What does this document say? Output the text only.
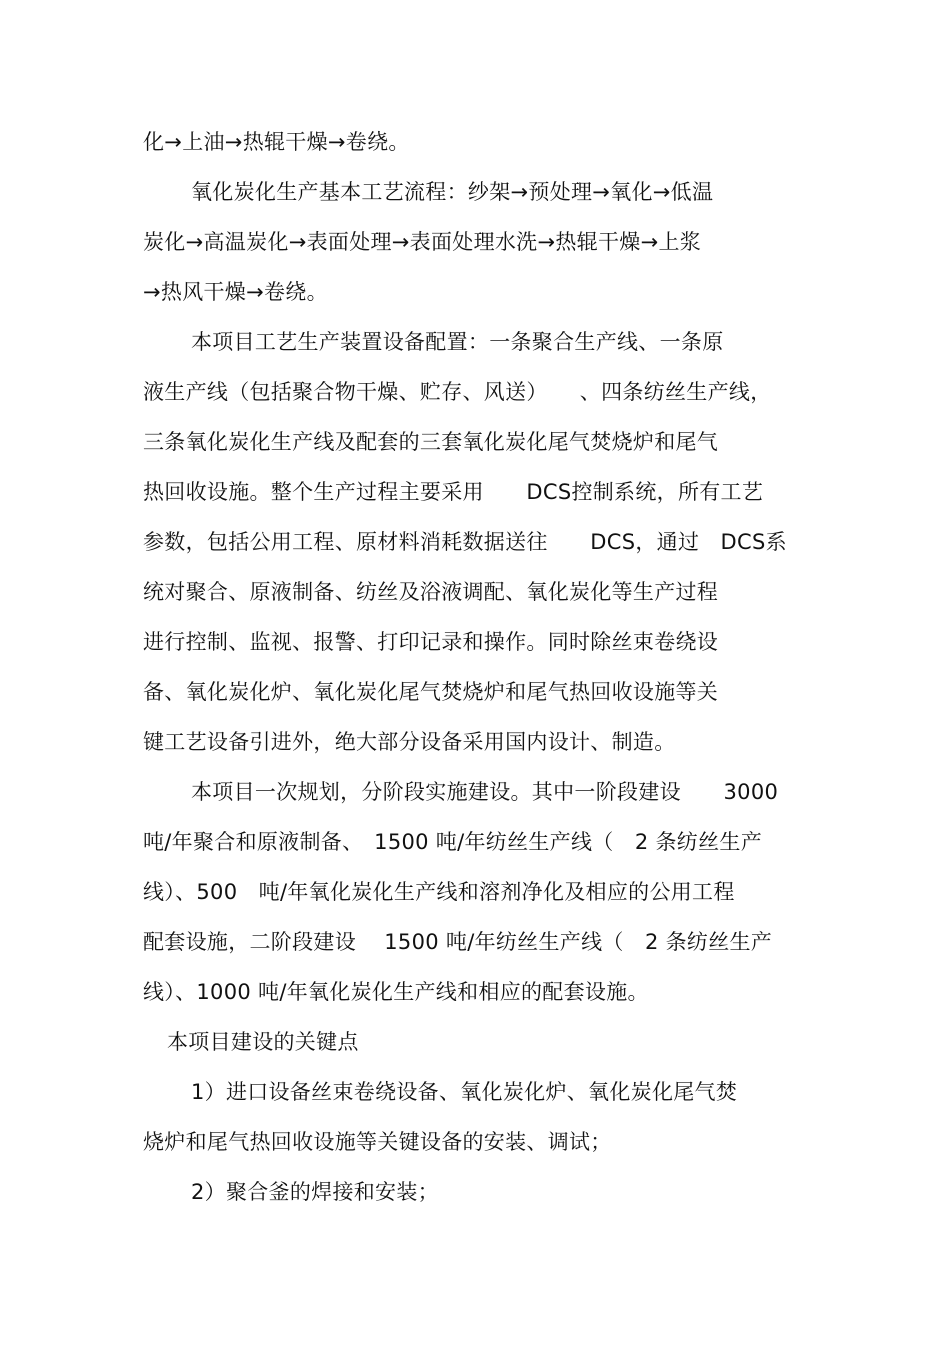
化→上油→热辊干燥→卷绕。
氧化炭化生产基本工艺流程：纱架→预处理→氧化→低温
炭化→高温炭化→表面处理→表面处理水洗→热辊干燥→上浆
→热风干燥→卷绕。
本项目工艺生产装置设备配置：一条聚合生产线、一条原
液生产线（包括聚合物干燥、贮存、风送）　　、四条纺丝生产线，
三条氧化炭化生产线及配套的三套氧化炭化尾气焚烧炉和尾气
热回收设施。整个生产过程主要采用　　DCS控制系统，所有工艺
参数，包括公用工程、原材料消耗数据送往　　DCS，通过　DCS系
统对聚合、原液制备、纺丝及浴液调配、氧化炭化等生产过程
进行控制、监视、报警、打印记录和操作。同时除丝束卷绕设
备、氧化炭化炉、氧化炭化尾气焚烧炉和尾气热回收设施等关
键工艺设备引进外，绝大部分设备采用国内设计、制造。
本项目一次规划，分阶段实施建设。其中一阶段建设　　3000
吨/年聚合和原液制备、　1500 吨/年纺丝生产线（　2 条纺丝生产
线）、500　吨/年氧化炭化生产线和溶剂净化及相应的公用工程
配套设施，二阶段建设　 1500 吨/年纺丝生产线（　2 条纺丝生产
线）、1000 吨/年氧化炭化生产线和相应的配套设施。
本项目建设的关键点
1）进口设备丝束卷绕设备、氧化炭化炉、氧化炭化尾气焚
烧炉和尾气热回收设施等关键设备的安装、调试；
2）聚合釜的焊接和安装；
